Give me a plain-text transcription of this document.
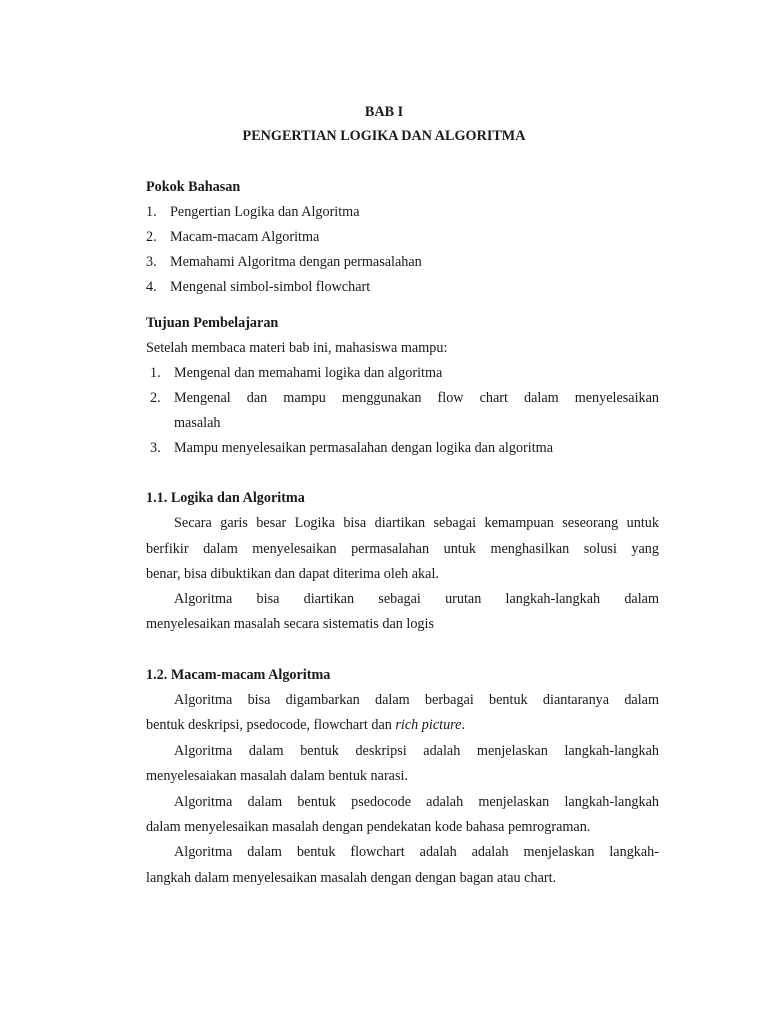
BAB I
PENGERTIAN LOGIKA DAN ALGORITMA
Pokok Bahasan
1. Pengertian Logika dan Algoritma
2. Macam-macam Algoritma
3. Memahami Algoritma dengan permasalahan
4. Mengenal simbol-simbol flowchart
Tujuan Pembelajaran
Setelah membaca materi bab ini, mahasiswa mampu:
1. Mengenal dan memahami logika dan algoritma
2. Mengenal dan mampu menggunakan flow chart dalam menyelesaikan
masalah
3. Mampu menyelesaikan permasalahan dengan logika dan algoritma
1.1. Logika dan Algoritma
Secara garis besar Logika bisa diartikan sebagai kemampuan seseorang untuk
berfikir dalam menyelesaikan permasalahan untuk menghasilkan solusi yang
benar, bisa dibuktikan dan dapat diterima oleh akal.
Algoritma bisa diartikan sebagai urutan langkah-langkah dalam
menyelesaikan masalah secara sistematis dan logis
1.2. Macam-macam Algoritma
Algoritma bisa digambarkan dalam berbagai bentuk diantaranya dalam
bentuk deskripsi, psedocode, flowchart dan rich picture.
Algoritma dalam bentuk deskripsi adalah menjelaskan langkah-langkah
menyelesaiakan masalah dalam bentuk narasi.
Algoritma dalam bentuk psedocode adalah menjelaskan langkah-langkah
dalam menyelesaikan masalah dengan pendekatan kode bahasa pemrograman.
Algoritma dalam bentuk flowchart adalah adalah menjelaskan langkah-
langkah dalam menyelesaikan masalah dengan dengan bagan atau chart.
